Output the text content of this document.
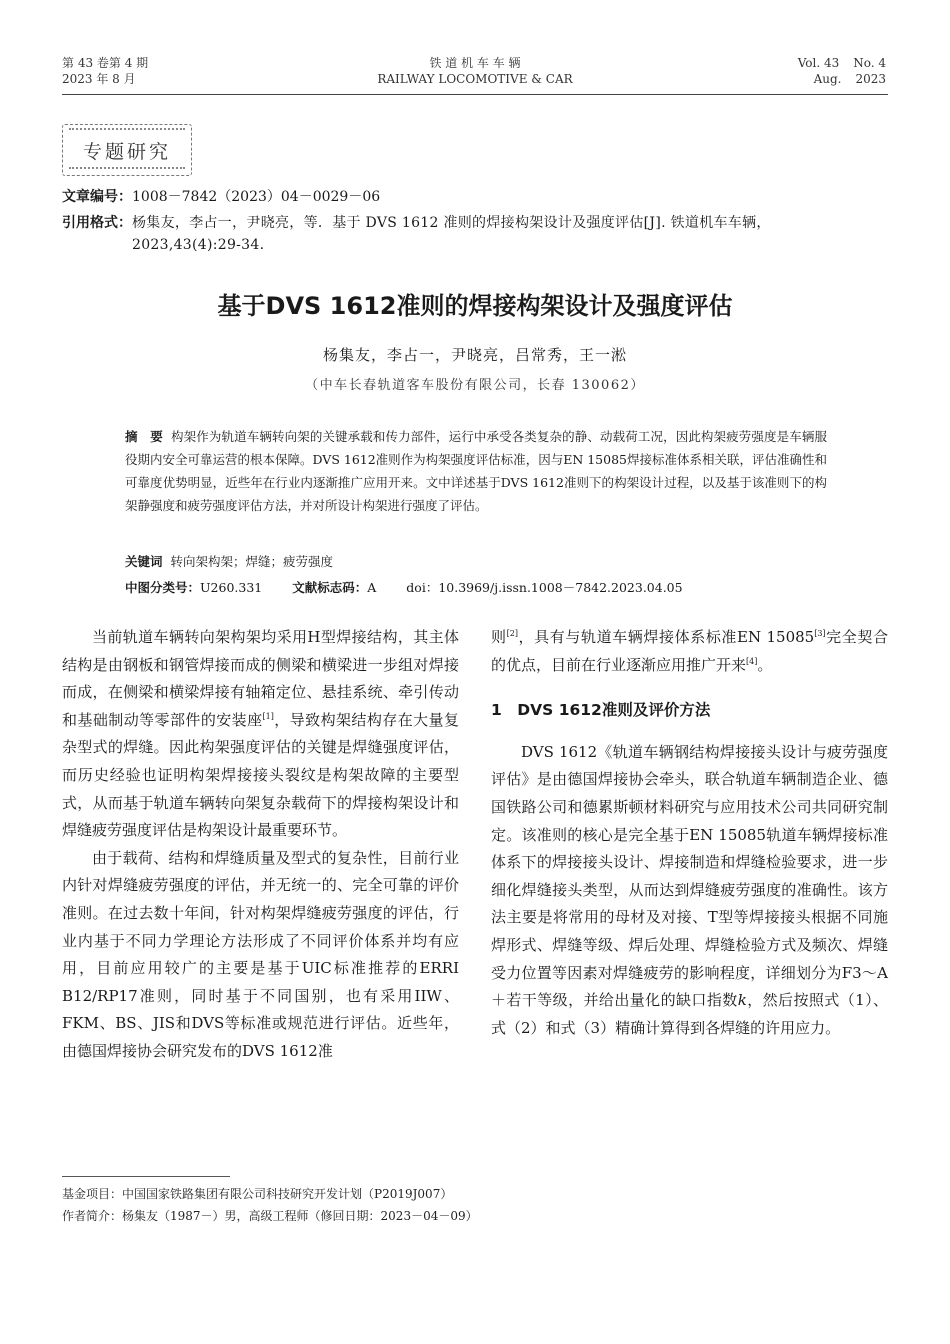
第 43 卷第 4 期
2023 年 8 月
铁 道 机 车 车 辆
RAILWAY LOCOMOTIVE & CAR
Vol. 43 No. 4
Aug. 2023
专题研究
文章编号：1008－7842（2023）04－0029－06
引用格式：杨集友，李占一，尹晓亮，等．基于 DVS 1612 准则的焊接构架设计及强度评估[J]. 铁道机车车辆，2023,43(4):29-34.
基于DVS 1612准则的焊接构架设计及强度评估
杨集友，李占一，尹晓亮，吕常秀，王一淞
（中车长春轨道客车股份有限公司，长春 130062）
摘　要 构架作为轨道车辆转向架的关键承载和传力部件，运行中承受各类复杂的静、动载荷工况，因此构架疲劳强度是车辆服役期内安全可靠运营的根本保障。DVS 1612准则作为构架强度评估标准，因与EN 15085焊接标准体系相关联，评估准确性和可靠度优势明显，近些年在行业内逐渐推广应用开来。文中详述基于DVS 1612准则下的构架设计过程，以及基于该准则下的构架静强度和疲劳强度评估方法，并对所设计构架进行强度了评估。
关键词 转向架构架；焊缝；疲劳强度
中图分类号：U260.331 文献标志码：A doi：10.3969/j.issn.1008－7842.2023.04.05

当前轨道车辆转向架构架均采用H型焊接结构，其主体结构是由钢板和钢管焊接而成的侧梁和横梁进一步组对焊接而成，在侧梁和横梁焊接有轴箱定位、悬挂系统、牵引传动和基础制动等零部件的安装座[1]，导致构架结构存在大量复杂型式的焊缝。因此构架强度评估的关键是焊缝强度评估，而历史经验也证明构架焊接接头裂纹是构架故障的主要型式，从而基于轨道车辆转向架复杂载荷下的焊接构架设计和焊缝疲劳强度评估是构架设计最重要环节。

由于载荷、结构和焊缝质量及型式的复杂性，目前行业内针对焊缝疲劳强度的评估，并无统一的、完全可靠的评价准则。在过去数十年间，针对构架焊缝疲劳强度的评估，行业内基于不同力学理论方法形成了不同评价体系并均有应用，目前应用较广的主要是基于UIC标准推荐的ERRI B12/RP17准则，同时基于不同国别，也有采用IIW、FKM、BS、JIS和DVS等标准或规范进行评估。近些年，由德国焊接协会研究发布的DVS 1612准

则[2]，具有与轨道车辆焊接体系标准EN 15085[3]完全契合的优点，目前在行业逐渐应用推广开来[4]。

1　DVS 1612准则及评价方法

DVS 1612《轨道车辆钢结构焊接接头设计与疲劳强度评估》是由德国焊接协会牵头，联合轨道车辆制造企业、德国铁路公司和德累斯顿材料研究与应用技术公司共同研究制定。该准则的核心是完全基于EN 15085轨道车辆焊接标准体系下的焊接接头设计、焊接制造和焊缝检验要求，进一步细化焊缝接头类型，从而达到焊缝疲劳强度的准确性。该方法主要是将常用的母材及对接、T型等焊接接头根据不同施焊形式、焊缝等级、焊后处理、焊缝检验方式及频次、焊缝受力位置等因素对焊缝疲劳的影响程度，详细划分为F3～A＋若干等级，并给出量化的缺口指数k，然后按照式（1）、式（2）和式（3）精确计算得到各焊缝的许用应力。

基金项目：中国国家铁路集团有限公司科技研究开发计划（P2019J007）
作者简介：杨集友（1987－）男，高级工程师（修回日期：2023－04－09）
